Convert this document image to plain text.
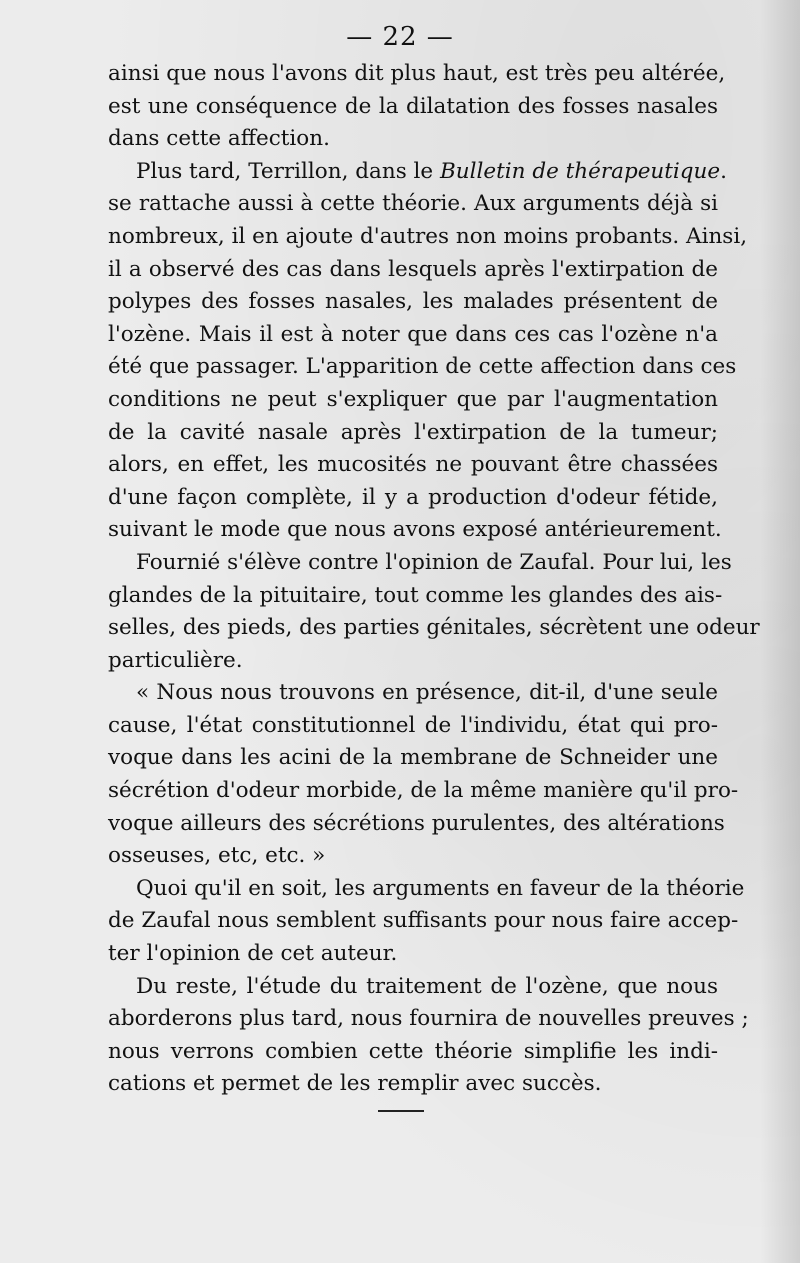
— 22 —

ainsi que nous l'avons dit plus haut, est très peu altérée,
est une conséquence de la dilatation des fosses nasales
dans cette affection.

Plus tard, Terrillon, dans le Bulletin de thérapeutique.
se rattache aussi à cette théorie. Aux arguments déjà si
nombreux, il en ajoute d'autres non moins probants. Ainsi,
il a observé des cas dans lesquels après l'extirpation de
polypes des fosses nasales, les malades présentent de
l'ozène. Mais il est à noter que dans ces cas l'ozène n'a
été que passager. L'apparition de cette affection dans ces
conditions ne peut s'expliquer que par l'augmentation
de la cavité nasale après l'extirpation de la tumeur;
alors, en effet, les mucosités ne pouvant être chassées
d'une façon complète, il y a production d'odeur fétide,
suivant le mode que nous avons exposé antérieurement.

Fournié s'élève contre l'opinion de Zaufal. Pour lui, les
glandes de la pituitaire, tout comme les glandes des ais-
selles, des pieds, des parties génitales, sécrètent une odeur
particulière.

« Nous nous trouvons en présence, dit-il, d'une seule
cause, l'état constitutionnel de l'individu, état qui pro-
voque dans les acini de la membrane de Schneider une
sécrétion d'odeur morbide, de la même manière qu'il pro-
voque ailleurs des sécrétions purulentes, des altérations
osseuses, etc, etc. »

Quoi qu'il en soit, les arguments en faveur de la théorie
de Zaufal nous semblent suffisants pour nous faire accep-
ter l'opinion de cet auteur.

Du reste, l'étude du traitement de l'ozène, que nous
aborderons plus tard, nous fournira de nouvelles preuves ;
nous verrons combien cette théorie simplifie les indi-
cations et permet de les remplir avec succès.
